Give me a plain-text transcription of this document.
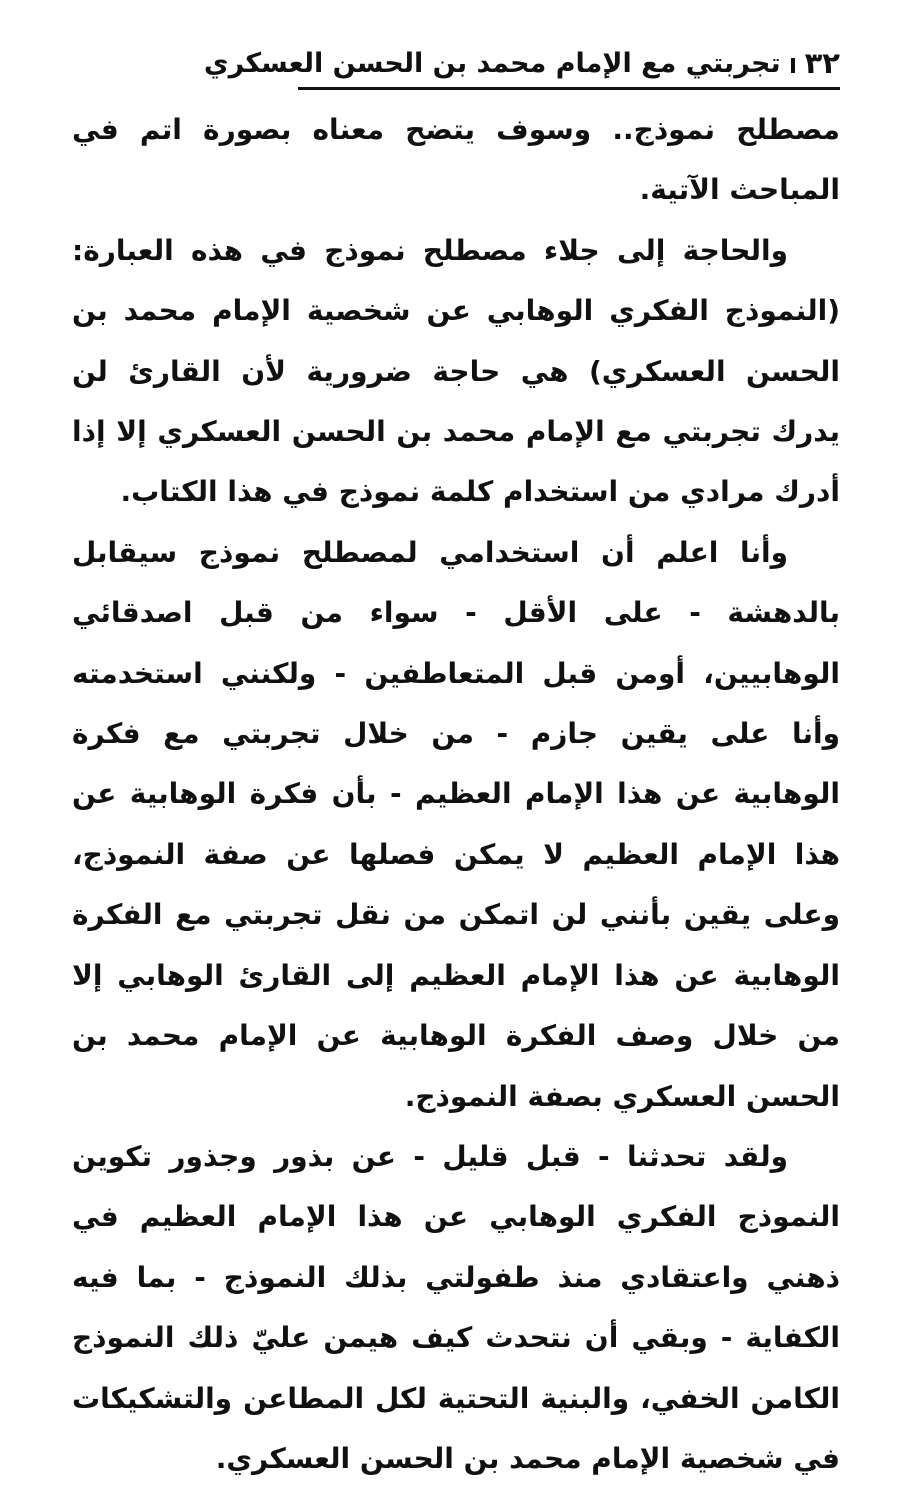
٣٢
تجربتي مع الإمام محمد بن الحسن العسكري

مصطلح نموذج.. وسوف يتضح معناه بصورة اتم في المباحث الآتية.

والحاجة إلى جلاء مصطلح نموذج في هذه العبارة: (النموذج الفكري الوهابي عن شخصية الإمام محمد بن الحسن العسكري) هي حاجة ضرورية لأن القارئ لن يدرك تجربتي مع الإمام محمد بن الحسن العسكري إلا إذا أدرك مرادي من استخدام كلمة نموذج في هذا الكتاب.

وأنا اعلم أن استخدامي لمصطلح نموذج سيقابل بالدهشة - على الأقل - سواء من قبل اصدقائي الوهابيين، أومن قبل المتعاطفين - ولكنني استخدمته وأنا على يقين جازم - من خلال تجربتي مع فكرة الوهابية عن هذا الإمام العظيم - بأن فكرة الوهابية عن هذا الإمام العظيم لا يمكن فصلها عن صفة النموذج، وعلى يقين بأنني لن اتمكن من نقل تجربتي مع الفكرة الوهابية عن هذا الإمام العظيم إلى القارئ الوهابي إلا من خلال وصف الفكرة الوهابية عن الإمام محمد بن الحسن العسكري بصفة النموذج.

ولقد تحدثنا - قبل قليل - عن بذور وجذور تكوين النموذج الفكري الوهابي عن هذا الإمام العظيم في ذهني واعتقادي منذ طفولتي بذلك النموذج - بما فيه الكفاية - وبقي أن نتحدث كيف هيمن عليّ ذلك النموذج الكامن الخفي، والبنية التحتية لكل المطاعن والتشكيكات في شخصية الإمام محمد بن الحسن العسكري.
